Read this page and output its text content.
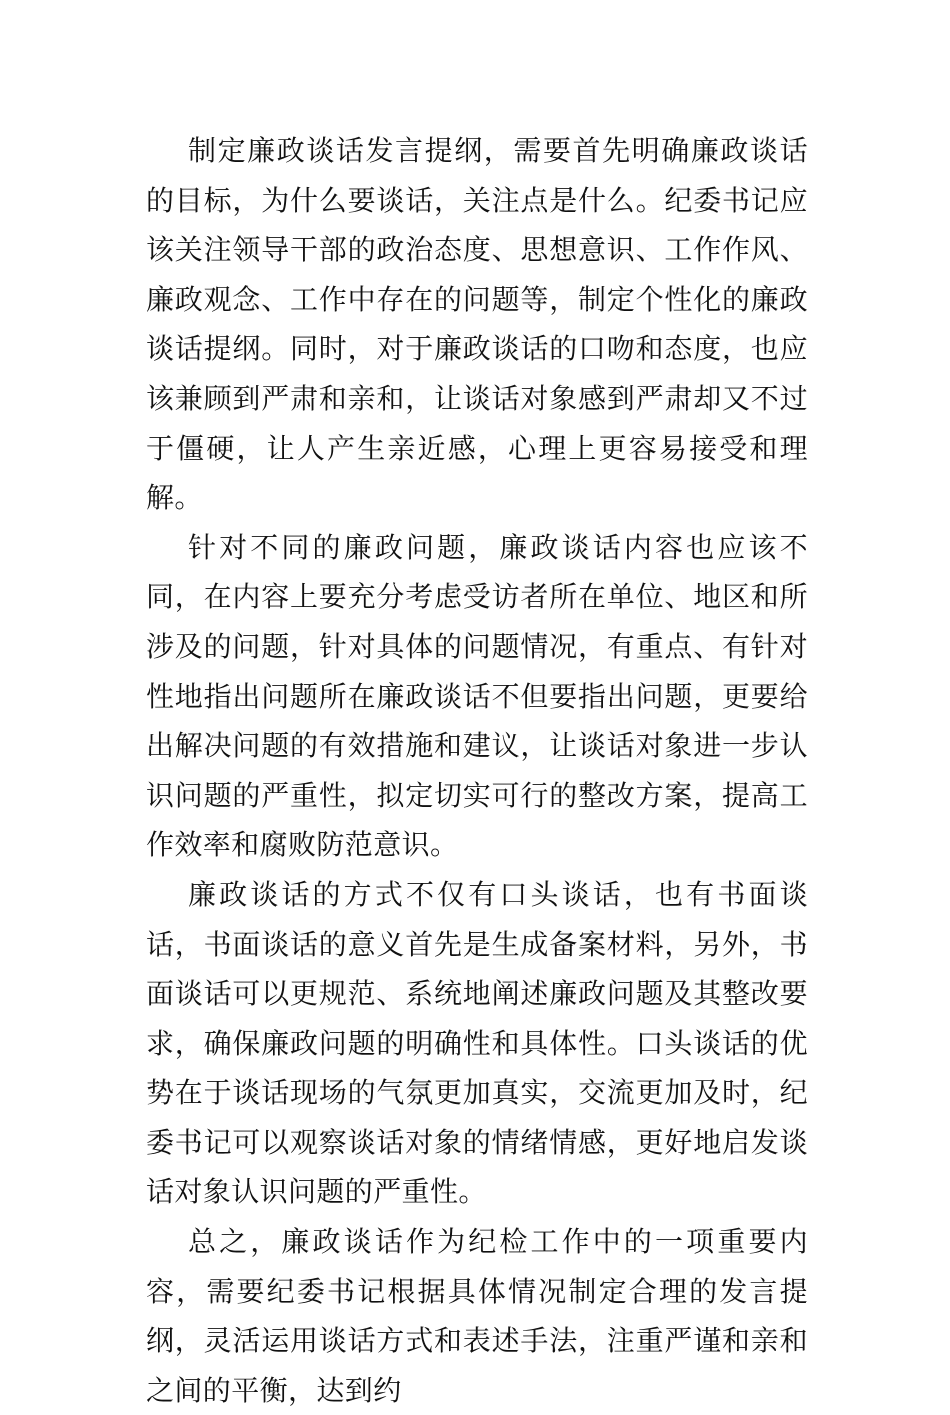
制定廉政谈话发言提纲，需要首先明确廉政谈话的目标，为什么要谈话，关注点是什么。纪委书记应该关注领导干部的政治态度、思想意识、工作作风、廉政观念、工作中存在的问题等，制定个性化的廉政谈话提纲。同时，对于廉政谈话的口吻和态度，也应该兼顾到严肃和亲和，让谈话对象感到严肃却又不过于僵硬，让人产生亲近感，心理上更容易接受和理解。

针对不同的廉政问题，廉政谈话内容也应该不同，在内容上要充分考虑受访者所在单位、地区和所涉及的问题，针对具体的问题情况，有重点、有针对性地指出问题所在廉政谈话不但要指出问题，更要给出解决问题的有效措施和建议，让谈话对象进一步认识问题的严重性，拟定切实可行的整改方案，提高工作效率和腐败防范意识。

廉政谈话的方式不仅有口头谈话，也有书面谈话，书面谈话的意义首先是生成备案材料，另外，书面谈话可以更规范、系统地阐述廉政问题及其整改要求，确保廉政问题的明确性和具体性。口头谈话的优势在于谈话现场的气氛更加真实，交流更加及时，纪委书记可以观察谈话对象的情绪情感，更好地启发谈话对象认识问题的严重性。

总之，廉政谈话作为纪检工作中的一项重要内容，需要纪委书记根据具体情况制定合理的发言提纲，灵活运用谈话方式和表述手法，注重严谨和亲和之间的平衡，达到约
